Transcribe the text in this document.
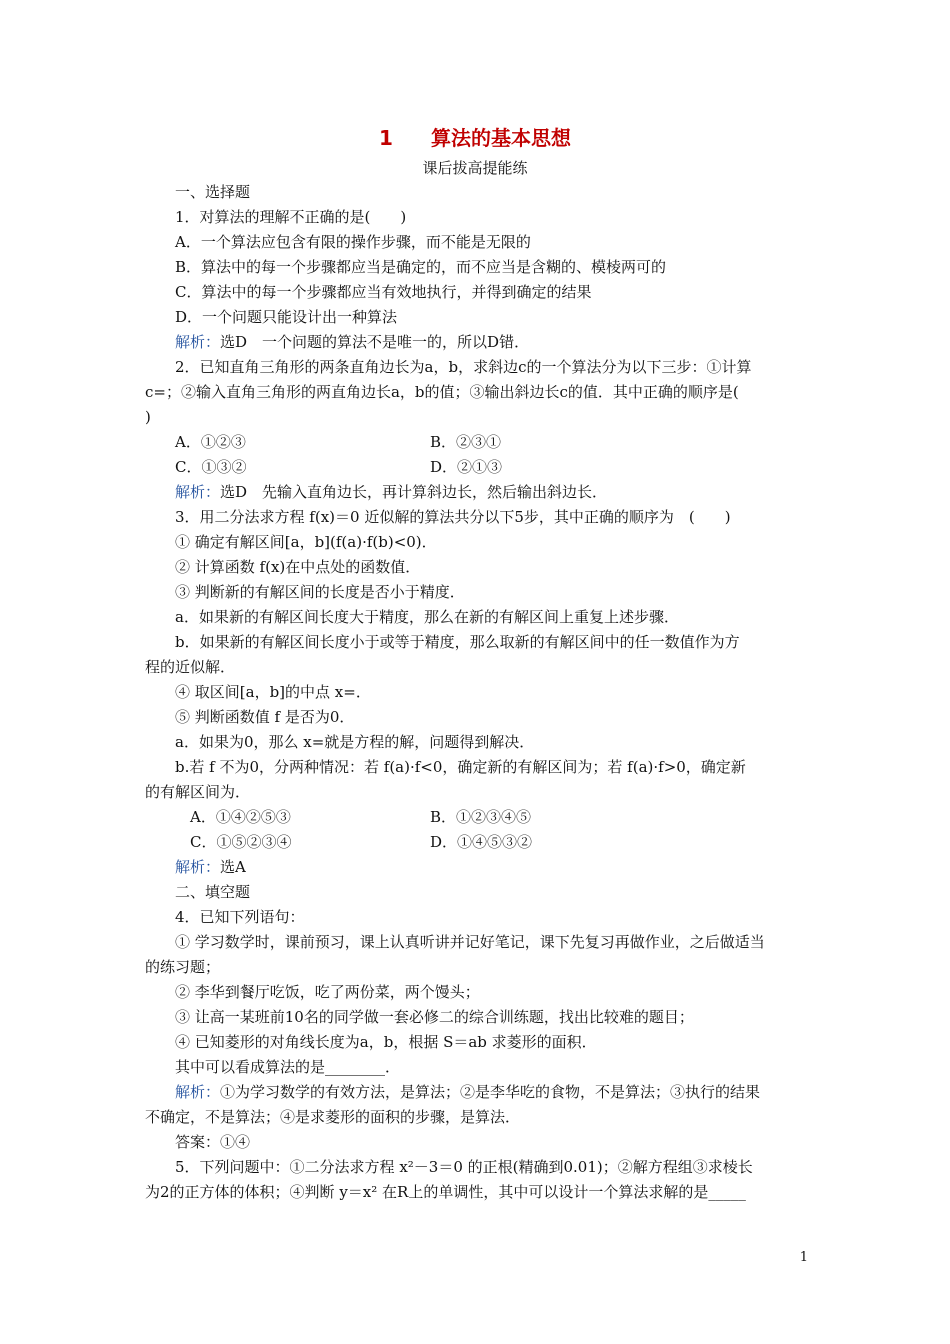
1 算法的基本思想
课后拔高提能练
一、选择题
1．对算法的理解不正确的是(　　)
A．一个算法应包含有限的操作步骤，而不能是无限的
B．算法中的每一个步骤都应当是确定的，而不应当是含糊的、模棱两可的
C．算法中的每一个步骤都应当有效地执行，并得到确定的结果
D．一个问题只能设计出一种算法
解析：选D　一个问题的算法不是唯一的，所以D错．
2．已知直角三角形的两条直角边长为a，b，求斜边c的一个算法分为以下三步：①计算
c=；②输入直角三角形的两直角边长a，b的值；③输出斜边长c的值．其中正确的顺序是(
)
A．①②③	B．②③①
C．①③②	D．②①③
解析：选D　先输入直角边长，再计算斜边长，然后输出斜边长．
3．用二分法求方程 f(x)＝0 近似解的算法共分以下5步，其中正确的顺序为　(　　)
① 确定有解区间[a，b](f(a)·f(b)<0)．
② 计算函数 f(x)在中点处的函数值．
③ 判断新的有解区间的长度是否小于精度．
a．如果新的有解区间长度大于精度，那么在新的有解区间上重复上述步骤．
b．如果新的有解区间长度小于或等于精度，那么取新的有解区间中的任一数值作为方
程的近似解．
④ 取区间[a，b]的中点 x=．
⑤ 判断函数值 f 是否为0．
a．如果为0，那么 x=就是方程的解，问题得到解决．
b.若 f 不为0，分两种情况：若 f(a)·f<0，确定新的有解区间为；若 f(a)·f>0，确定新
的有解区间为．
A．①④②⑤③	B．①②③④⑤
C．①⑤②③④	D．①④⑤③②
解析：选A
二、填空题
4．已知下列语句：
① 学习数学时，课前预习，课上认真听讲并记好笔记，课下先复习再做作业，之后做适当
的练习题；
② 李华到餐厅吃饭，吃了两份菜，两个馒头；
③ 让高一某班前10名的同学做一套必修二的综合训练题，找出比较难的题目；
④ 已知菱形的对角线长度为a，b，根据 S＝ab 求菱形的面积．
其中可以看成算法的是________．
解析：①为学习数学的有效方法，是算法；②是李华吃的食物，不是算法；③执行的结果
不确定，不是算法；④是求菱形的面积的步骤，是算法．
答案：①④
5．下列问题中：①二分法求方程 x²－3＝0 的正根(精确到0.01)；②解方程组③求棱长
为2的正方体的体积；④判断 y＝x² 在R上的单调性，其中可以设计一个算法求解的是_____
1
